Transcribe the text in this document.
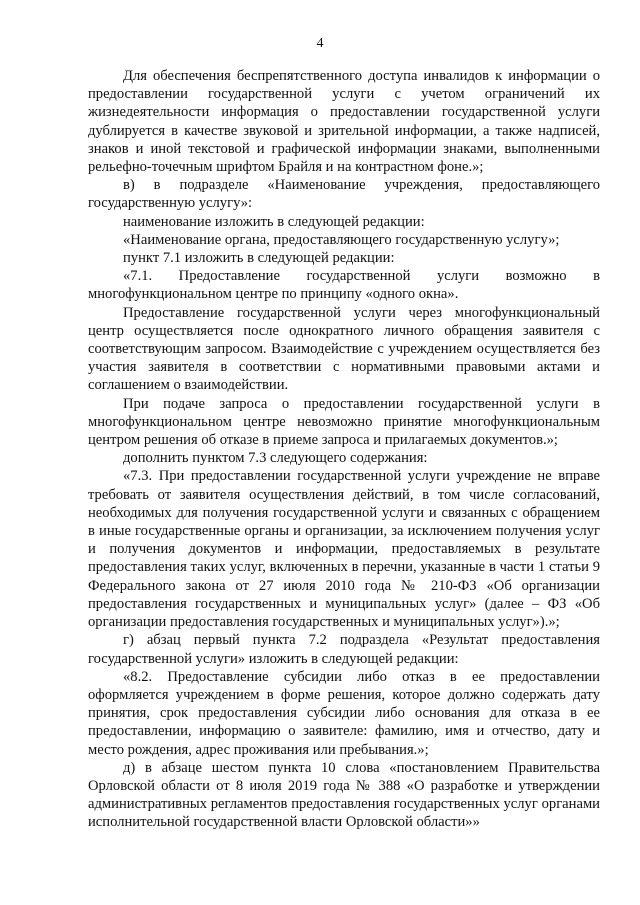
4

Для обеспечения беспрепятственного доступа инвалидов к информации о предоставлении государственной услуги с учетом ограничений их жизнедеятельности информация о предоставлении государственной услуги дублируется в качестве звуковой и зрительной информации, а также надписей, знаков и иной текстовой и графической информации знаками, выполненными рельефно-точечным шрифтом Брайля и на контрастном фоне.»;

в) в подразделе «Наименование учреждения, предоставляющего государственную услугу»:

наименование изложить в следующей редакции:

«Наименование органа, предоставляющего государственную услугу»;

пункт 7.1 изложить в следующей редакции:

«7.1. Предоставление государственной услуги возможно в многофункциональном центре по принципу «одного окна».

Предоставление государственной услуги через многофункциональный центр осуществляется после однократного личного обращения заявителя с соответствующим запросом. Взаимодействие с учреждением осуществляется без участия заявителя в соответствии с нормативными правовыми актами и соглашением о взаимодействии.

При подаче запроса о предоставлении государственной услуги в многофункциональном центре невозможно принятие многофункциональным центром решения об отказе в приеме запроса и прилагаемых документов.»;

дополнить пунктом 7.3 следующего содержания:

«7.3. При предоставлении государственной услуги учреждение не вправе требовать от заявителя осуществления действий, в том числе согласований, необходимых для получения государственной услуги и связанных с обращением в иные государственные органы и организации, за исключением получения услуг и получения документов и информации, предоставляемых в результате предоставления таких услуг, включенных в перечни, указанные в части 1 статьи 9 Федерального закона от 27 июля 2010 года № 210-ФЗ «Об организации предоставления государственных и муниципальных услуг» (далее – ФЗ «Об организации предоставления государственных и муниципальных услуг»).»;

г) абзац первый пункта 7.2 подраздела «Результат предоставления государственной услуги» изложить в следующей редакции:

«8.2. Предоставление субсидии либо отказ в ее предоставлении оформляется учреждением в форме решения, которое должно содержать дату принятия, срок предоставления субсидии либо основания для отказа в ее предоставлении, информацию о заявителе: фамилию, имя и отчество, дату и место рождения, адрес проживания или пребывания.»;

д) в абзаце шестом пункта 10 слова «постановлением Правительства Орловской области от 8 июля 2019 года № 388 «О разработке и утверждении административных регламентов предоставления государственных услуг органами исполнительной государственной власти Орловской области»»
